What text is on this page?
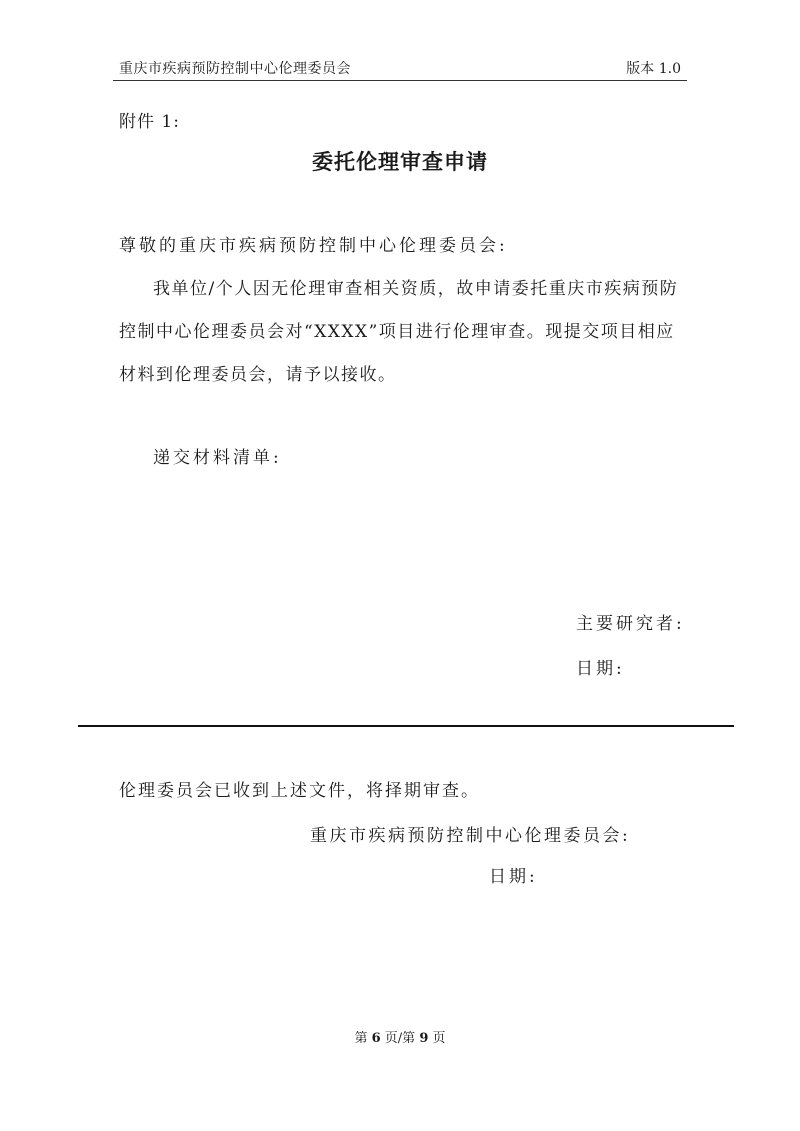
重庆市疾病预防控制中心伦理委员会	版本 1.0
附件 1:
委托伦理审查申请
尊敬的重庆市疾病预防控制中心伦理委员会:
我单位/个人因无伦理审查相关资质，故申请委托重庆市疾病预防控制中心伦理委员会对“XXXX”项目进行伦理审查。现提交项目相应材料到伦理委员会，请予以接收。
递交材料清单:
主要研究者:
日期:
伦理委员会已收到上述文件，将择期审查。
重庆市疾病预防控制中心伦理委员会:
日期:
第 6 页/第 9 页
